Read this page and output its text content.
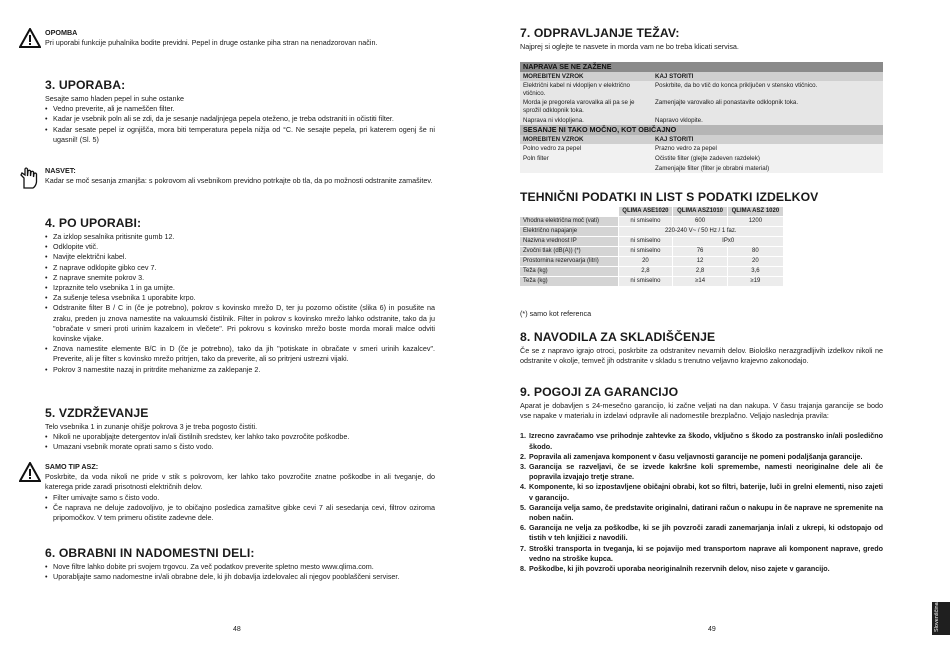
OPOMBA

Pri uporabi funkcije puhalnika bodite previdni. Pepel in druge ostanke piha stran na nenadzorovan način.

3. UPORABA:

Sesajte samo hladen pepel in suhe ostanke

• Vedno preverite, ali je nameščen filter.
• Kadar je vsebnik poln ali se zdi, da je sesanje nadaljnjega pepela oteženo, je treba odstraniti in očistiti filter.
• Kadar sesate pepel iz ognjišča, mora biti temperatura pepela nižja od °C. Ne sesajte pepela, pri katerem ogenj še ni ugasnil! (Sl. 5)
NASVET:

Kadar se moč sesanja zmanjša: s pokrovom ali vsebnikom previdno potrkajte ob tla, da po možnosti odstranite zamašitev.

4. PO UPORABI:
• Za izklop sesalnika pritisnite gumb 12.
• Odklopite vtič.
• Navijte električni kabel.
• Z naprave odklopite gibko cev 7.
• Z naprave snemite pokrov 3.
• Izpraznite telo vsebnika 1 in ga umijte.
• Za sušenje telesa vsebnika 1 uporabite krpo.
• Odstranite filter B / C in (če je potrebno), pokrov s kovinsko mrežo D, ter ju pozorno očistite (slika 6) in posušite na zraku, preden ju znova namestite na vakuumski čistilnik. Filter in pokrov s kovinsko mrežo lahko odstranite, tako da ju "obračate v smeri proti urinim kazalcem in vlečete". Pri pokrovu s kovinsko mrežo boste morda morali malce odviti kovinske vijake.
• Znova namestite elemente B/C in D (če je potrebno), tako da jih "potiskate in obračate v smeri urinih kazalcev". Preverite, ali je filter s kovinsko mrežo pritrjen, tako da preverite, ali so pritrjeni ustrezni vijaki.
• Pokrov 3 namestite nazaj in pritrdite mehanizme za zaklepanje 2.
5. VZDRŽEVANJE

Telo vsebnika 1 in zunanje ohišje pokrova 3 je treba pogosto čistiti.

• Nikoli ne uporabljajte detergentov in/ali čistilnih sredstev, ker lahko tako povzročite poškodbe.
• Umazani vsebnik morate oprati samo s čisto vodo.
SAMO TIP ASZ:

Poskrbite, da voda nikoli ne pride v stik s pokrovom, ker lahko tako povzročite znatne poškodbe in ali tveganje, do katerega pride zaradi prisotnosti električnih delov.

• Filter umivajte samo s čisto vodo.
• Če naprava ne deluje zadovoljivo, je to običajno posledica zamašitve gibke cevi 7 ali sesedanja cevi, filtrov oziroma pripomočkov. V tem primeru očistite zadevne dele.
6. OBRABNI IN NADOMESTNI DELI:
• Nove filtre lahko dobite pri svojem trgovcu. Za več podatkov preverite spletno mesto www.qlima.com.
• Uporabljajte samo nadomestne in/ali obrabne dele, ki jih dobavlja izdelovalec ali njegov pooblaščeni serviser.
48
7. ODPRAVLJANJE TEŽAV:

Najprej si oglejte te nasvete in morda vam ne bo treba klicati servisa.

NAPRAVA SE NE ZAŽENE	
MOREBITEN VZROK	KAJ STORITI
Električni kabel ni vklopljen v električno vtičnico.	Poskrbite, da bo vtič do konca priključen v stensko vtičnico.
Morda je pregorela varovalka ali pa se je sprožil odklopnik toka.	Zamenjajte varovalko ali ponastavite odklopnik toka.
Naprava ni vklopljena.	Napravo vklopite.
SESANJE NI TAKO MOČNO, KOT OBIČAJNO	
MOREBITEN VZROK	KAJ STORITI
Polno vedro za pepel	Prazno vedro za pepel
Poln filter	Očistite filter (glejte zadeven razdelek)
	Zamenjajte filter (filter je obrabni material)
TEHNIČNI PODATKI IN LIST S PODATKI IZDELKOV
	QLIMA ASE1020	QLIMA ASZ1010	QLIMA ASZ 1020
Vhodna električna moč (vati)	ni smiselno	600	1200
Električno napajanje	220-240 V~ / 50 Hz / 1 faz.		
Nazivna vrednost IP	ni smiselno	IPx0	
Zvočni tlak (dB(A)) (*)	ni smiselno	76	80
Prostornina rezervoarja (litri)	20	12	20
Teža (kg)	2,8	2,8	3,6
Teža (kg)	ni smiselno	≥14	≥19
(*) samo kot referenca
8. NAVODILA ZA SKLADIŠČENJE

Če se z napravo igrajo otroci, poskrbite za odstranitev nevarnih delov. Biološko nerazgradljivih izdelkov nikoli ne odstranite v okolje, temveč jih odstranite v skladu s trenutno veljavno krajevno zakonodajo.

9. POGOJI ZA GARANCIJO

Aparat je dobavljen s 24-mesečno garancijo, ki začne veljati na dan nakupa. V času trajanja garancije se bodo vse napake v materialu in izdelavi odpravile ali nadomestile brezplačno. Veljajo naslednja pravila:

1. Izrecno zavračamo vse prihodnje zahtevke za škodo, vključno s škodo za postransko in/ali posledično škodo.
2. Popravila ali zamenjava komponent v času veljavnosti garancije ne pomeni podaljšanja garancije.
3. Garancija se razveljavi, če se izvede kakršne koli spremembe, namesti neoriginalne dele ali če popravila izvajajo tretje strane.
4. Komponente, ki so izpostavljene običajni obrabi, kot so filtri, baterije, luči in grelni elementi, niso zajeti v garancijo.
5. Garancija velja samo, če predstavite originalni, datirani račun o nakupu in če naprave ne spremenite na noben način.
6. Garancija ne velja za poškodbe, ki se jih povzroči zaradi zanemarjanja in/ali z ukrepi, ki odstopajo od tistih v teh knjižici z navodili.
7. Stroški transporta in tveganja, ki se pojavijo med transportom naprave ali komponent naprave, gredo vedno na stroške kupca.
8. Poškodbe, ki jih povzroči uporaba neoriginalnih rezervnih delov, niso zajete v garancijo.
49	Slovenščina
